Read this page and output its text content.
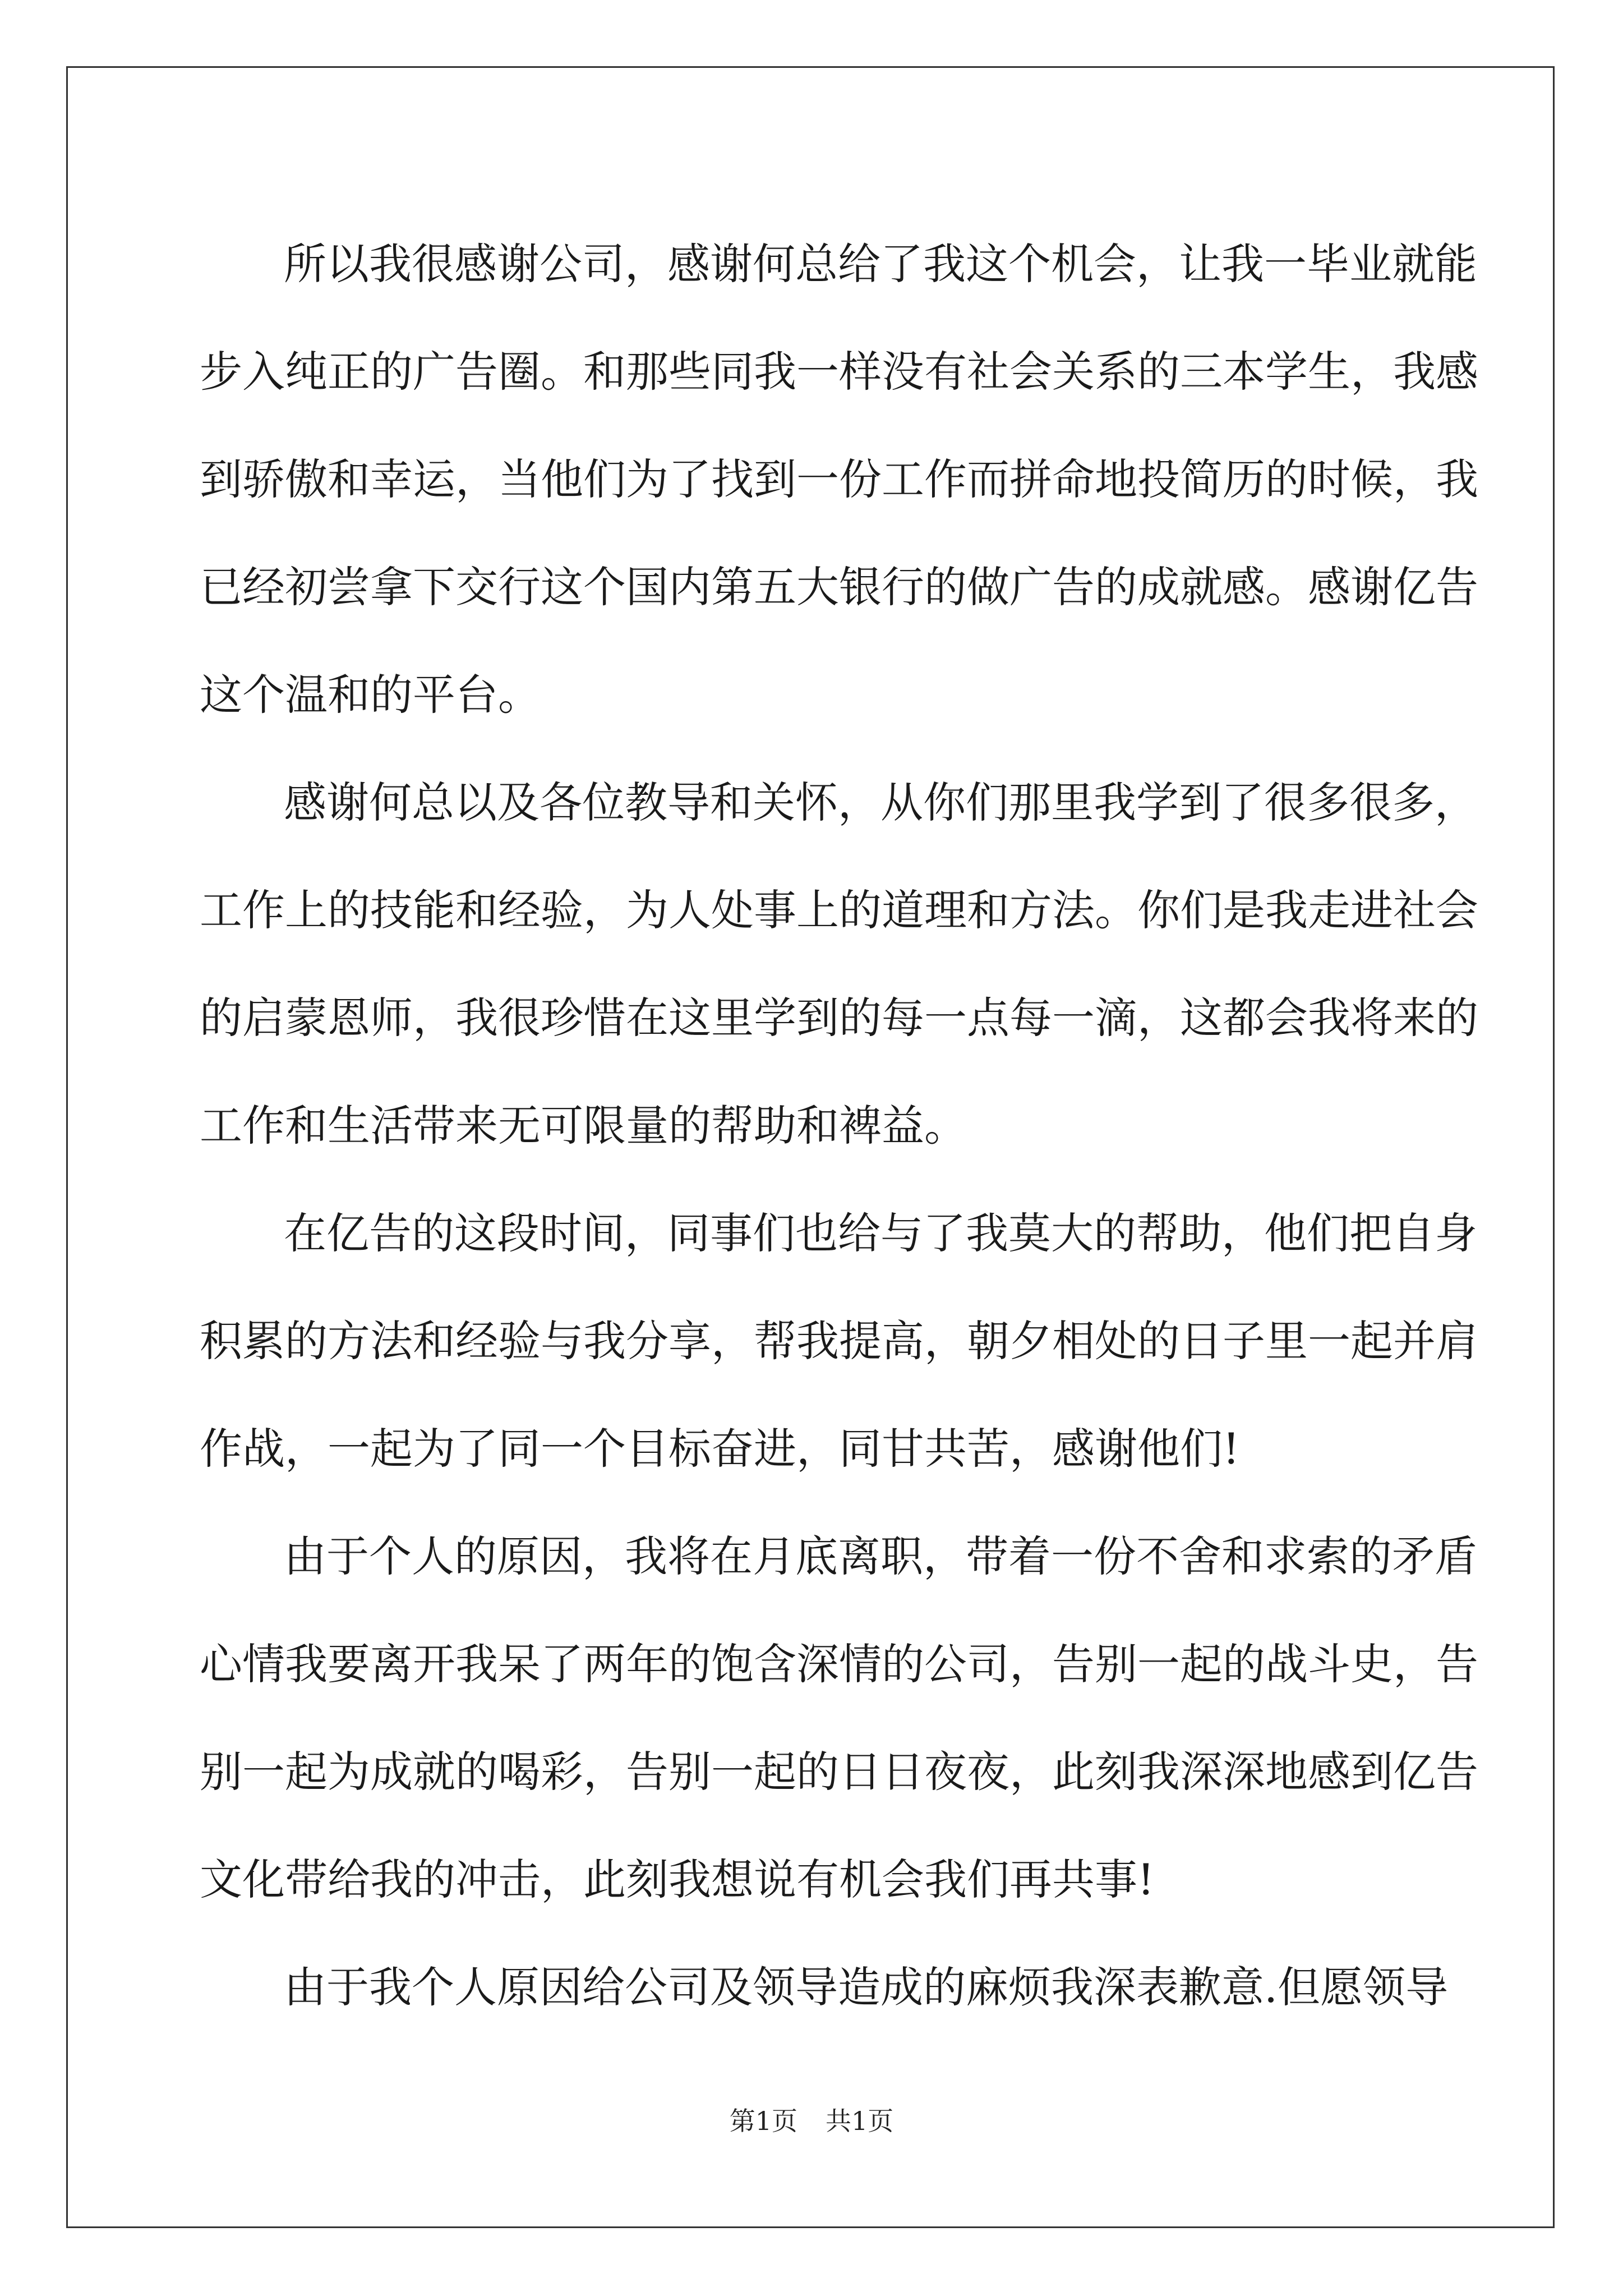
所以我很感谢公司，感谢何总给了我这个机会，让我一毕业就能
步入纯正的广告圈。和那些同我一样没有社会关系的三本学生，我感
到骄傲和幸运，当他们为了找到一份工作而拼命地投简历的时候，我
已经初尝拿下交行这个国内第五大银行的做广告的成就感。感谢亿告
这个温和的平台。
感谢何总以及各位教导和关怀，从你们那里我学到了很多很多，
工作上的技能和经验，为人处事上的道理和方法。你们是我走进社会
的启蒙恩师，我很珍惜在这里学到的每一点每一滴，这都会我将来的
工作和生活带来无可限量的帮助和裨益。
在亿告的这段时间，同事们也给与了我莫大的帮助，他们把自身
积累的方法和经验与我分享，帮我提高，朝夕相处的日子里一起并肩
作战，一起为了同一个目标奋进，同甘共苦，感谢他们!
由于个人的原因，我将在月底离职，带着一份不舍和求索的矛盾
心情我要离开我呆了两年的饱含深情的公司，告别一起的战斗史，告
别一起为成就的喝彩，告别一起的日日夜夜，此刻我深深地感到亿告
文化带给我的冲击，此刻我想说有机会我们再共事!
由于我个人原因给公司及领导造成的麻烦我深表歉意.但愿领导
第1页 共1页
